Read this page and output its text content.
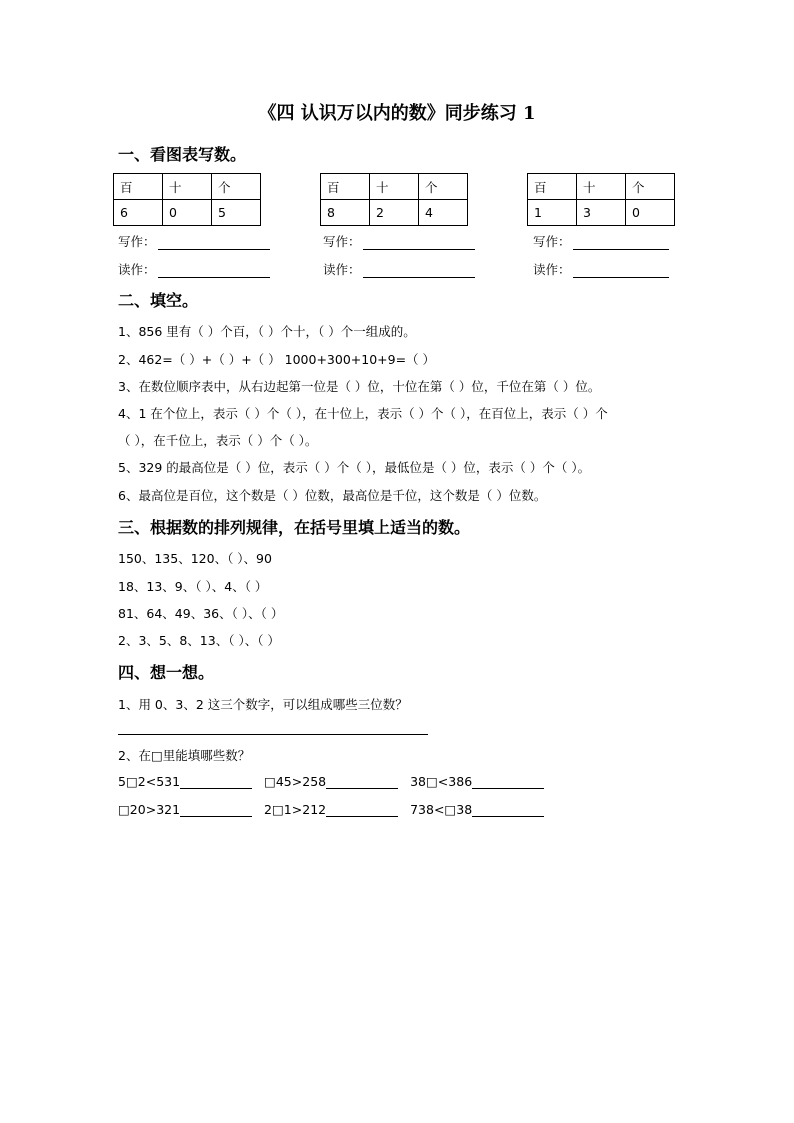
《四 认识万以内的数》同步练习 1
一、看图表写数。
百	十	个
6	0	5
百	十	个
8	2	4
百	十	个
1	3	0
写作：	写作：	写作：
读作：	读作：	读作：
二、填空。
1、856 里有（ ）个百，（ ）个十，（ ）个一组成的。
2、462=（ ）+（ ）+（ ） 1000+300+10+9=（ ）
3、在数位顺序表中，从右边起第一位是（ ）位，十位在第（ ）位，千位在第（ ）位。
4、1 在个位上，表示（ ）个（ ），在十位上，表示（ ）个（ ），在百位上，表示（ ）个
（ ），在千位上，表示（ ）个（ ）。
5、329 的最高位是（ ）位，表示（ ）个（ ），最低位是（ ）位，表示（ ）个（ ）。
6、最高位是百位，这个数是（ ）位数，最高位是千位，这个数是（ ）位数。
三、根据数的排列规律，在括号里填上适当的数。
150、135、120、（ ）、90
18、13、9、（ ）、4、（ ）
81、64、49、36、（ ）、（ ）
2、3、5、8、13、（ ）、（ ）
四、想一想。
1、用 0、3、2 这三个数字，可以组成哪些三位数？
2、在□里能填哪些数？
5□2<531	□45>258	38□<386
□20>321	2□1>212	738<□38
